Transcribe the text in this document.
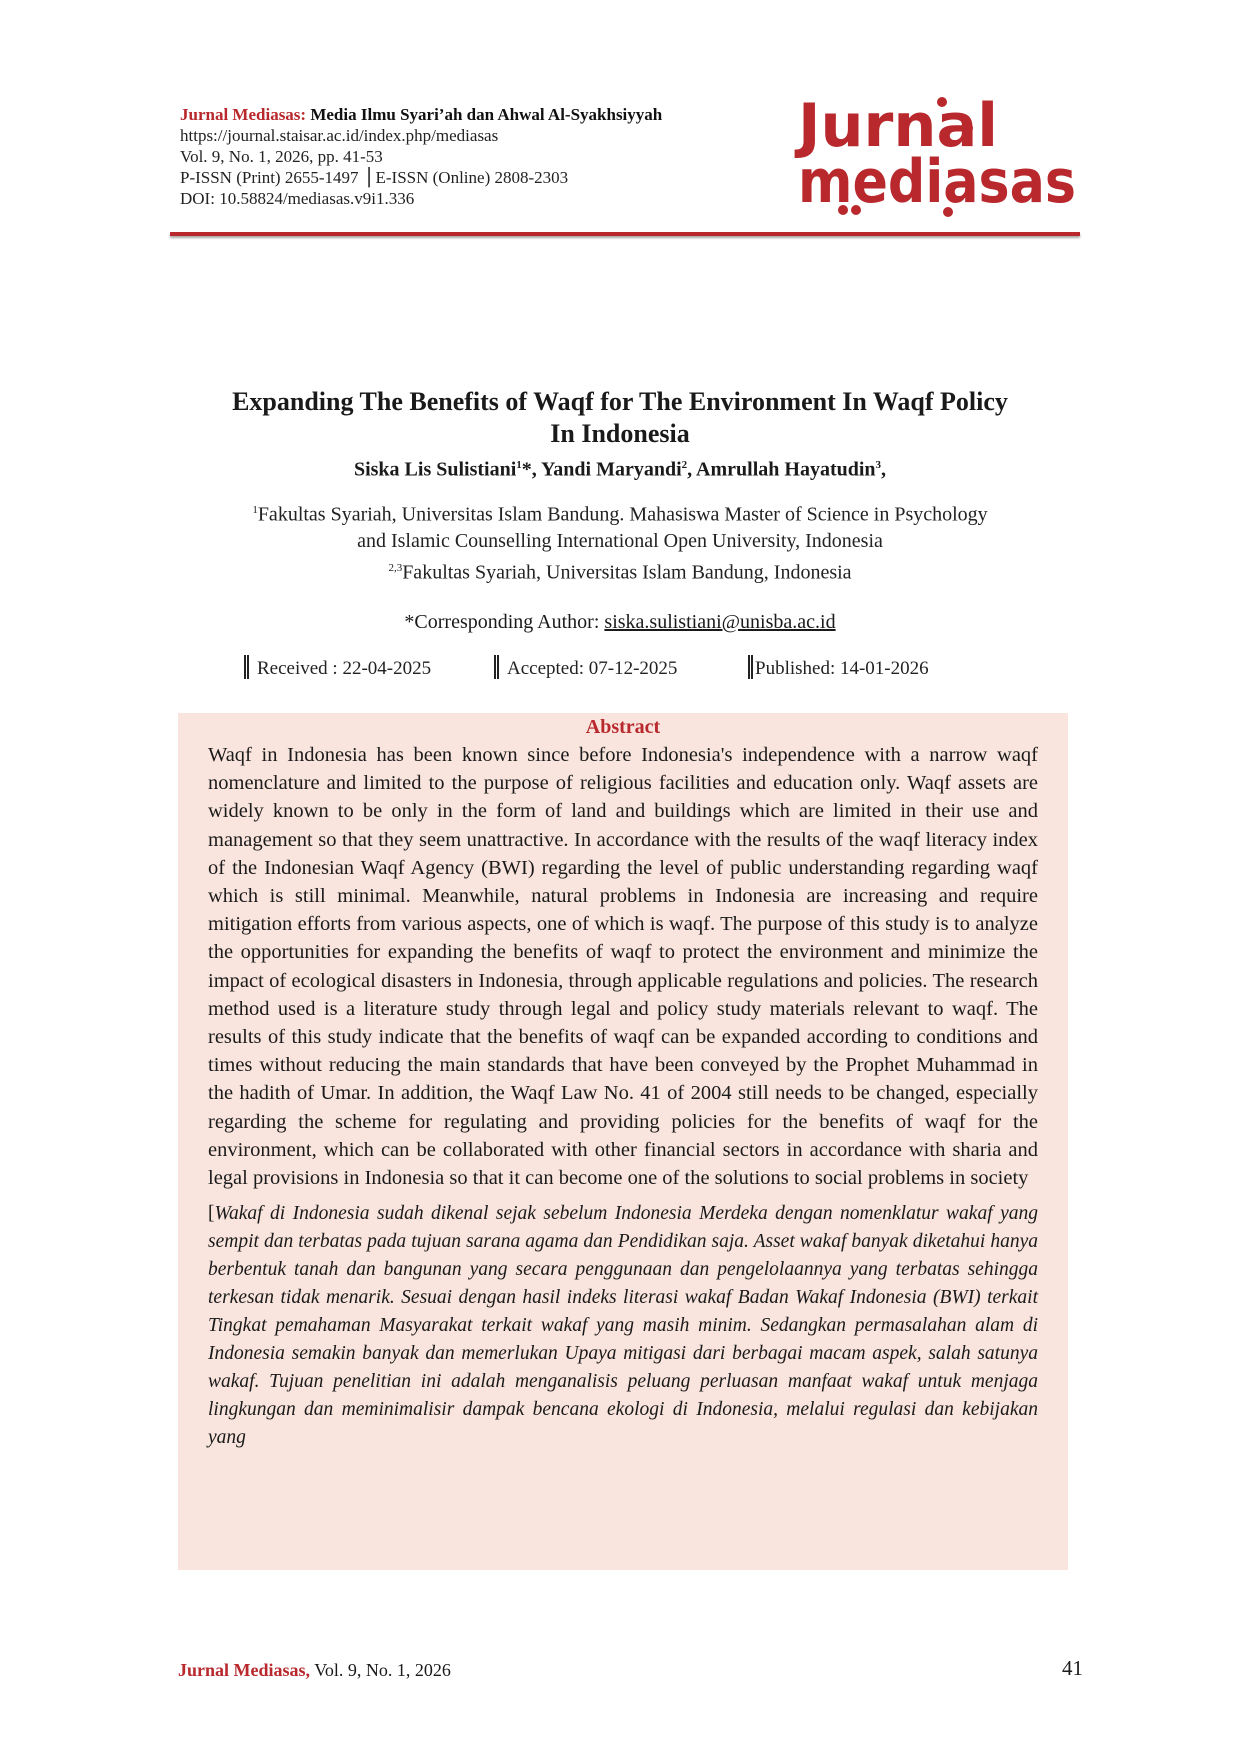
Jurnal Mediasas: Media Ilmu Syari’ah dan Ahwal Al-Syakhsiyyah
https://journal.staisar.ac.id/index.php/mediasas
Vol. 9, No. 1, 2026, pp. 41-53
P-ISSN (Print) 2655-1497 ⎪E-ISSN (Online) 2808-2303
DOI: 10.58824/mediasas.v9i1.336
Jurnal
mediasas
Expanding The Benefits of Waqf for The Environment In Waqf Policy
In Indonesia
Siska Lis Sulistiani$^1$*, Yandi Maryandi$^2$, Amrullah Hayatudin$^3$,
$^1$Fakultas Syariah, Universitas Islam Bandung. Mahasiswa Master of Science in Psychology
and Islamic Counselling International Open University, Indonesia
$^{2,3}$Fakultas Syariah, Universitas Islam Bandung, Indonesia
*Corresponding Author: siska.sulistiani@unisba.ac.id
Received : 22-04-2025	Accepted: 07-12-2025	Published: 14-01-2026
Abstract

Waqf in Indonesia has been known since before Indonesia's independence with a narrow waqf nomenclature and limited to the purpose of religious facilities and education only. Waqf assets are widely known to be only in the form of land and buildings which are limited in their use and management so that they seem unattractive. In accordance with the results of the waqf literacy index of the Indonesian Waqf Agency (BWI) regarding the level of public understanding regarding waqf which is still minimal. Meanwhile, natural problems in Indonesia are increasing and require mitigation efforts from various aspects, one of which is waqf. The purpose of this study is to analyze the opportunities for expanding the benefits of waqf to protect the environment and minimize the impact of ecological disasters in Indonesia, through applicable regulations and policies. The research method used is a literature study through legal and policy study materials relevant to waqf. The results of this study indicate that the benefits of waqf can be expanded according to conditions and times without reducing the main standards that have been conveyed by the Prophet Muhammad in the hadith of Umar. In addition, the Waqf Law No. 41 of 2004 still needs to be changed, especially regarding the scheme for regulating and providing policies for the benefits of waqf for the environment, which can be collaborated with other financial sectors in accordance with sharia and legal provisions in Indonesia so that it can become one of the solutions to social problems in society

[Wakaf di Indonesia sudah dikenal sejak sebelum Indonesia Merdeka dengan nomenklatur wakaf yang sempit dan terbatas pada tujuan sarana agama dan Pendidikan saja. Asset wakaf banyak diketahui hanya berbentuk tanah dan bangunan yang secara penggunaan dan pengelolaannya yang terbatas sehingga terkesan tidak menarik. Sesuai dengan hasil indeks literasi wakaf Badan Wakaf Indonesia (BWI) terkait Tingkat pemahaman Masyarakat terkait wakaf yang masih minim. Sedangkan permasalahan alam di Indonesia semakin banyak dan memerlukan Upaya mitigasi dari berbagai macam aspek, salah satunya wakaf. Tujuan penelitian ini adalah menganalisis peluang perluasan manfaat wakaf untuk menjaga lingkungan dan meminimalisir dampak bencana ekologi di Indonesia, melalui regulasi dan kebijakan yang

Jurnal Mediasas, Vol. 9, No. 1, 2026	41
